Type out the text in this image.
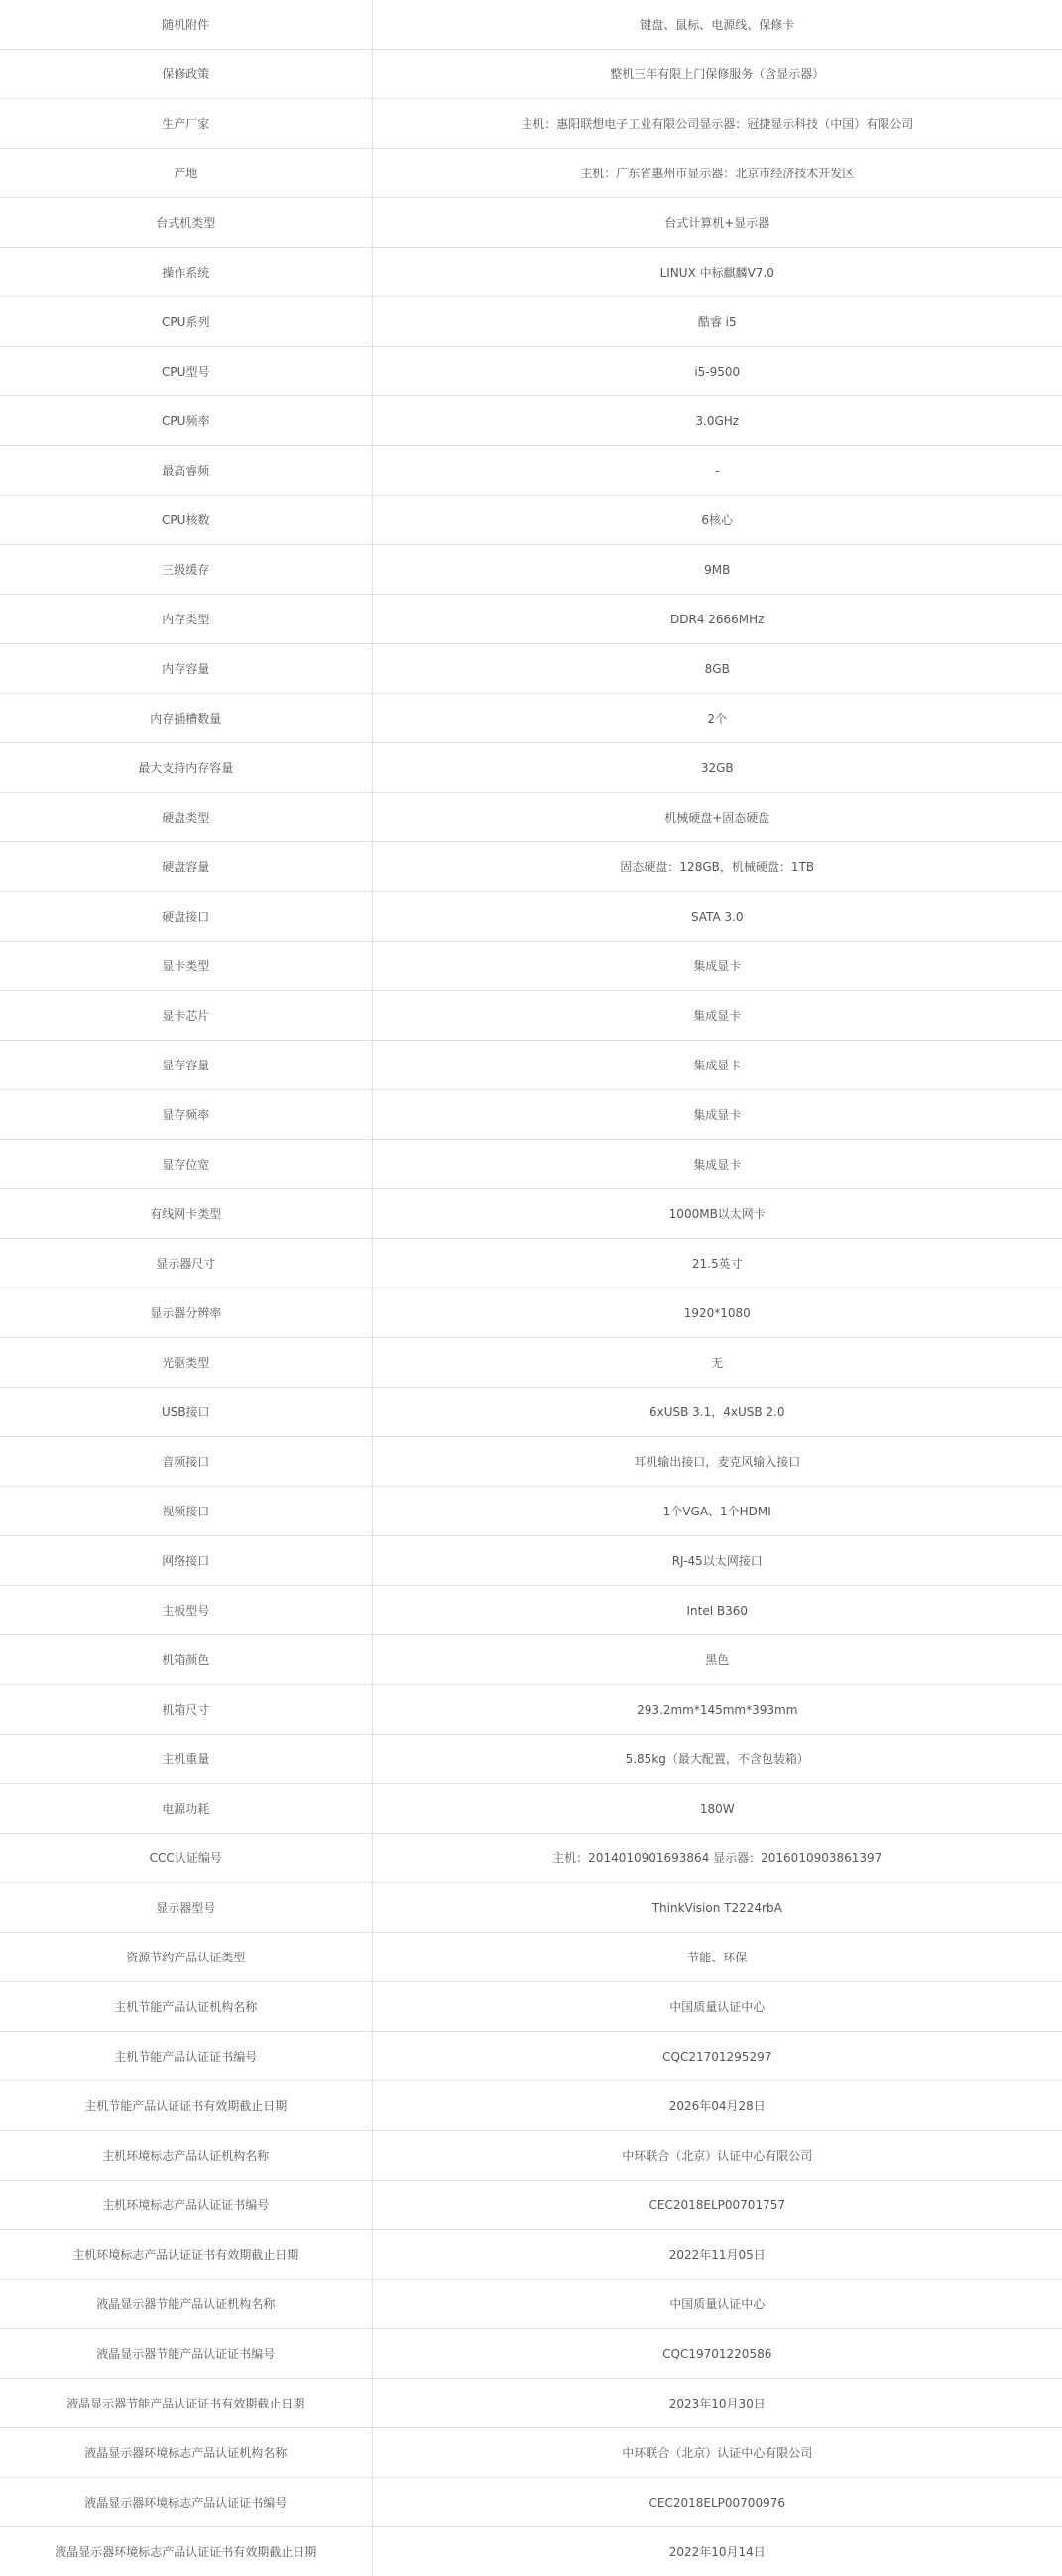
随机附件	键盘、鼠标、电源线、保修卡
保修政策	整机三年有限上门保修服务（含显示器）
生产厂家	主机：惠阳联想电子工业有限公司显示器：冠捷显示科技（中国）有限公司
产地	主机：广东省惠州市显示器：北京市经济技术开发区
台式机类型	台式计算机+显示器
操作系统	LINUX 中标麒麟V7.0
CPU系列	酷睿 i5
CPU型号	i5-9500
CPU频率	3.0GHz
最高睿频	-
CPU核数	6核心
三级缓存	9MB
内存类型	DDR4 2666MHz
内存容量	8GB
内存插槽数量	2个
最大支持内存容量	32GB
硬盘类型	机械硬盘+固态硬盘
硬盘容量	固态硬盘：128GB，机械硬盘：1TB
硬盘接口	SATA 3.0
显卡类型	集成显卡
显卡芯片	集成显卡
显存容量	集成显卡
显存频率	集成显卡
显存位宽	集成显卡
有线网卡类型	1000MB以太网卡
显示器尺寸	21.5英寸
显示器分辨率	1920*1080
光驱类型	无
USB接口	6xUSB 3.1，4xUSB 2.0
音频接口	耳机输出接口，麦克风输入接口
视频接口	1个VGA、1个HDMI
网络接口	RJ-45以太网接口
主板型号	Intel B360
机箱颜色	黑色
机箱尺寸	293.2mm*145mm*393mm
主机重量	5.85kg（最大配置，不含包装箱）
电源功耗	180W
CCC认证编号	主机：2014010901693864 显示器：2016010903861397
显示器型号	ThinkVision T2224rbA
资源节约产品认证类型	节能、环保
主机节能产品认证机构名称	中国质量认证中心
主机节能产品认证证书编号	CQC21701295297
主机节能产品认证证书有效期截止日期	2026年04月28日
主机环境标志产品认证机构名称	中环联合（北京）认证中心有限公司
主机环境标志产品认证证书编号	CEC2018ELP00701757
主机环境标志产品认证证书有效期截止日期	2022年11月05日
液晶显示器节能产品认证机构名称	中国质量认证中心
液晶显示器节能产品认证证书编号	CQC19701220586
液晶显示器节能产品认证证书有效期截止日期	2023年10月30日
液晶显示器环境标志产品认证机构名称	中环联合（北京）认证中心有限公司
液晶显示器环境标志产品认证证书编号	CEC2018ELP00700976
液晶显示器环境标志产品认证证书有效期截止日期	2022年10月14日
